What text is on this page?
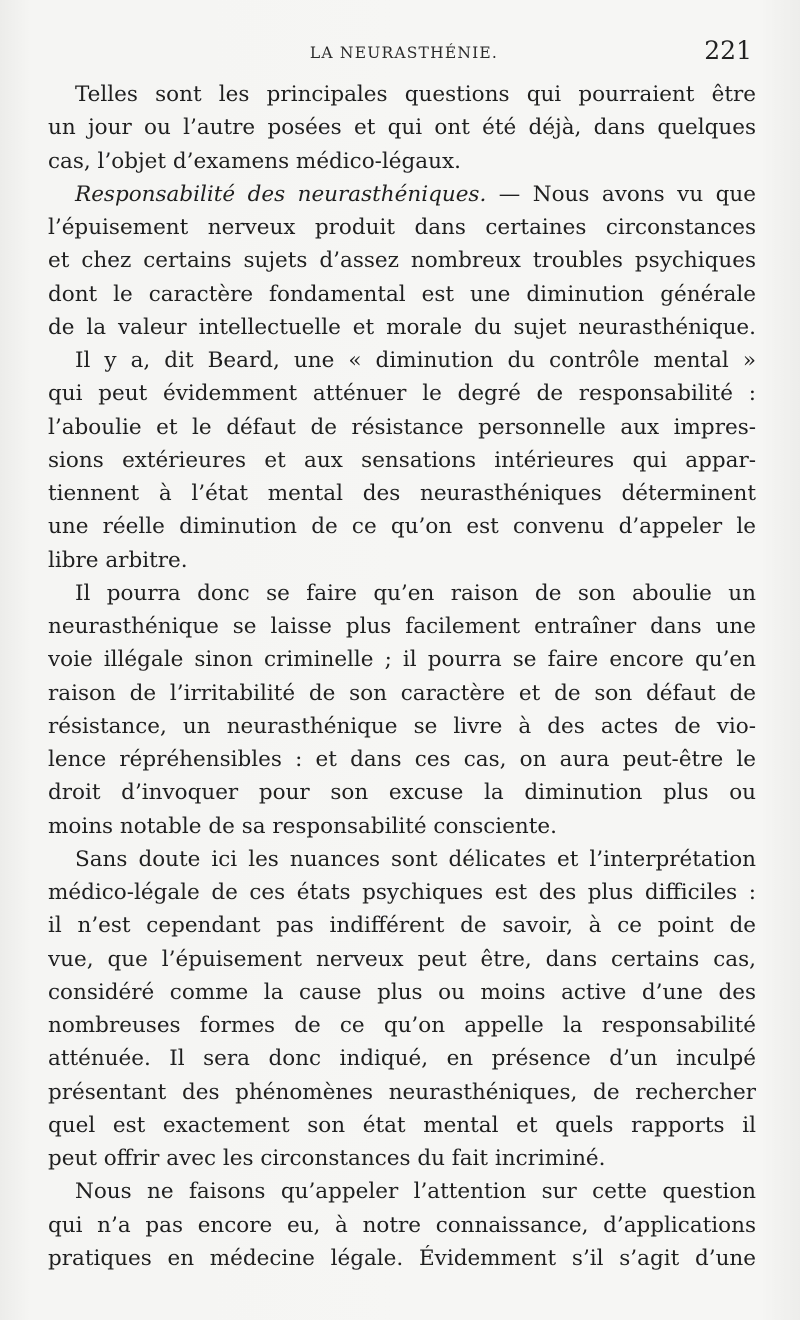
LA NEURASTHÉNIE.	221
Telles sont les principales questions qui pourraient être
un jour ou l’autre posées et qui ont été déjà, dans quelques
cas, l’objet d’examens médico-légaux.
Responsabilité des neurasthéniques. — Nous avons vu que
l’épuisement nerveux produit dans certaines circonstances
et chez certains sujets d’assez nombreux troubles psychiques
dont le caractère fondamental est une diminution générale
de la valeur intellectuelle et morale du sujet neurasthénique.
Il y a, dit Beard, une « diminution du contrôle mental »
qui peut évidemment atténuer le degré de responsabilité :
l’aboulie et le défaut de résistance personnelle aux impres-
sions extérieures et aux sensations intérieures qui appar-
tiennent à l’état mental des neurasthéniques déterminent
une réelle diminution de ce qu’on est convenu d’appeler le
libre arbitre.
Il pourra donc se faire qu’en raison de son aboulie un
neurasthénique se laisse plus facilement entraîner dans une
voie illégale sinon criminelle ; il pourra se faire encore qu’en
raison de l’irritabilité de son caractère et de son défaut de
résistance, un neurasthénique se livre à des actes de vio-
lence répréhensibles : et dans ces cas, on aura peut-être le
droit d’invoquer pour son excuse la diminution plus ou
moins notable de sa responsabilité consciente.
Sans doute ici les nuances sont délicates et l’interprétation
médico-légale de ces états psychiques est des plus difficiles :
il n’est cependant pas indifférent de savoir, à ce point de
vue, que l’épuisement nerveux peut être, dans certains cas,
considéré comme la cause plus ou moins active d’une des
nombreuses formes de ce qu’on appelle la responsabilité
atténuée. Il sera donc indiqué, en présence d’un inculpé
présentant des phénomènes neurasthéniques, de rechercher
quel est exactement son état mental et quels rapports il
peut offrir avec les circonstances du fait incriminé.
Nous ne faisons qu’appeler l’attention sur cette question
qui n’a pas encore eu, à notre connaissance, d’applications
pratiques en médecine légale. Évidemment s’il s’agit d’une
